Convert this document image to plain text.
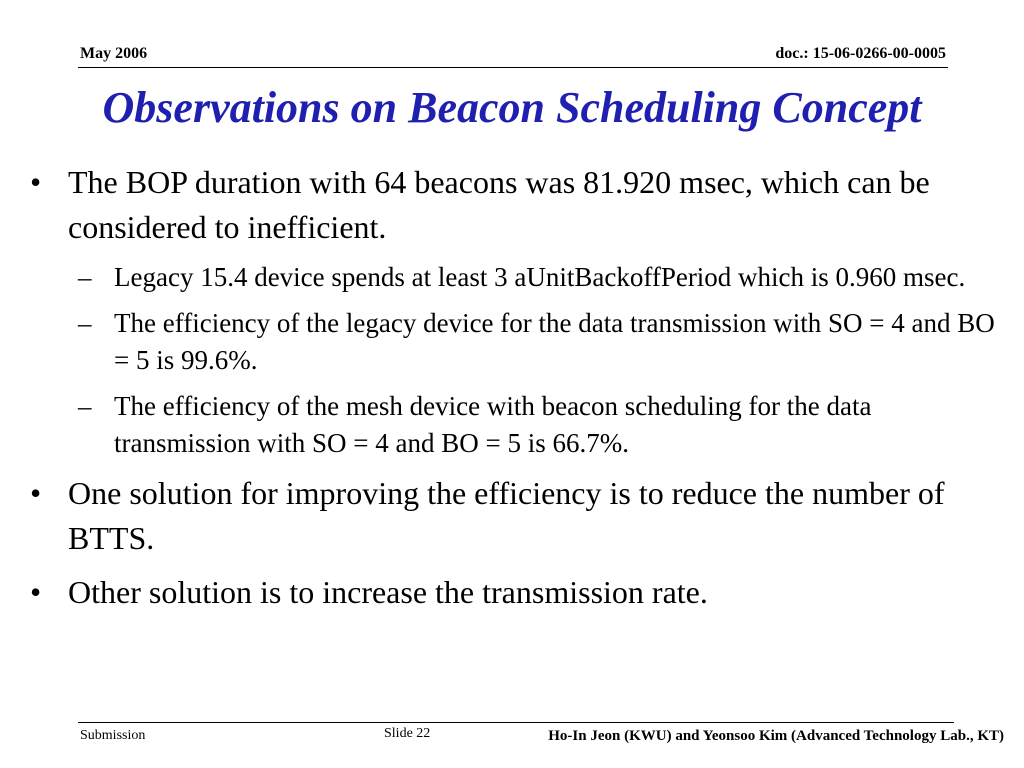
May 2006	doc.: 15-06-0266-00-0005
Observations on Beacon Scheduling Concept
• The BOP duration with 64 beacons was 81.920 msec, which can be considered to inefficient.
– Legacy 15.4 device spends at least 3 aUnitBackoffPeriod which is 0.960 msec.
– The efficiency of the legacy device for the data transmission with SO = 4 and BO = 5 is 99.6%.
– The efficiency of the mesh device with beacon scheduling for the data transmission with SO = 4 and BO = 5 is 66.7%.
• One solution for improving the efficiency is to reduce the number of BTTS.
• Other solution is to increase the transmission rate.
Submission	Slide 22	Ho-In Jeon (KWU) and Yeonsoo Kim (Advanced Technology Lab., KT)
